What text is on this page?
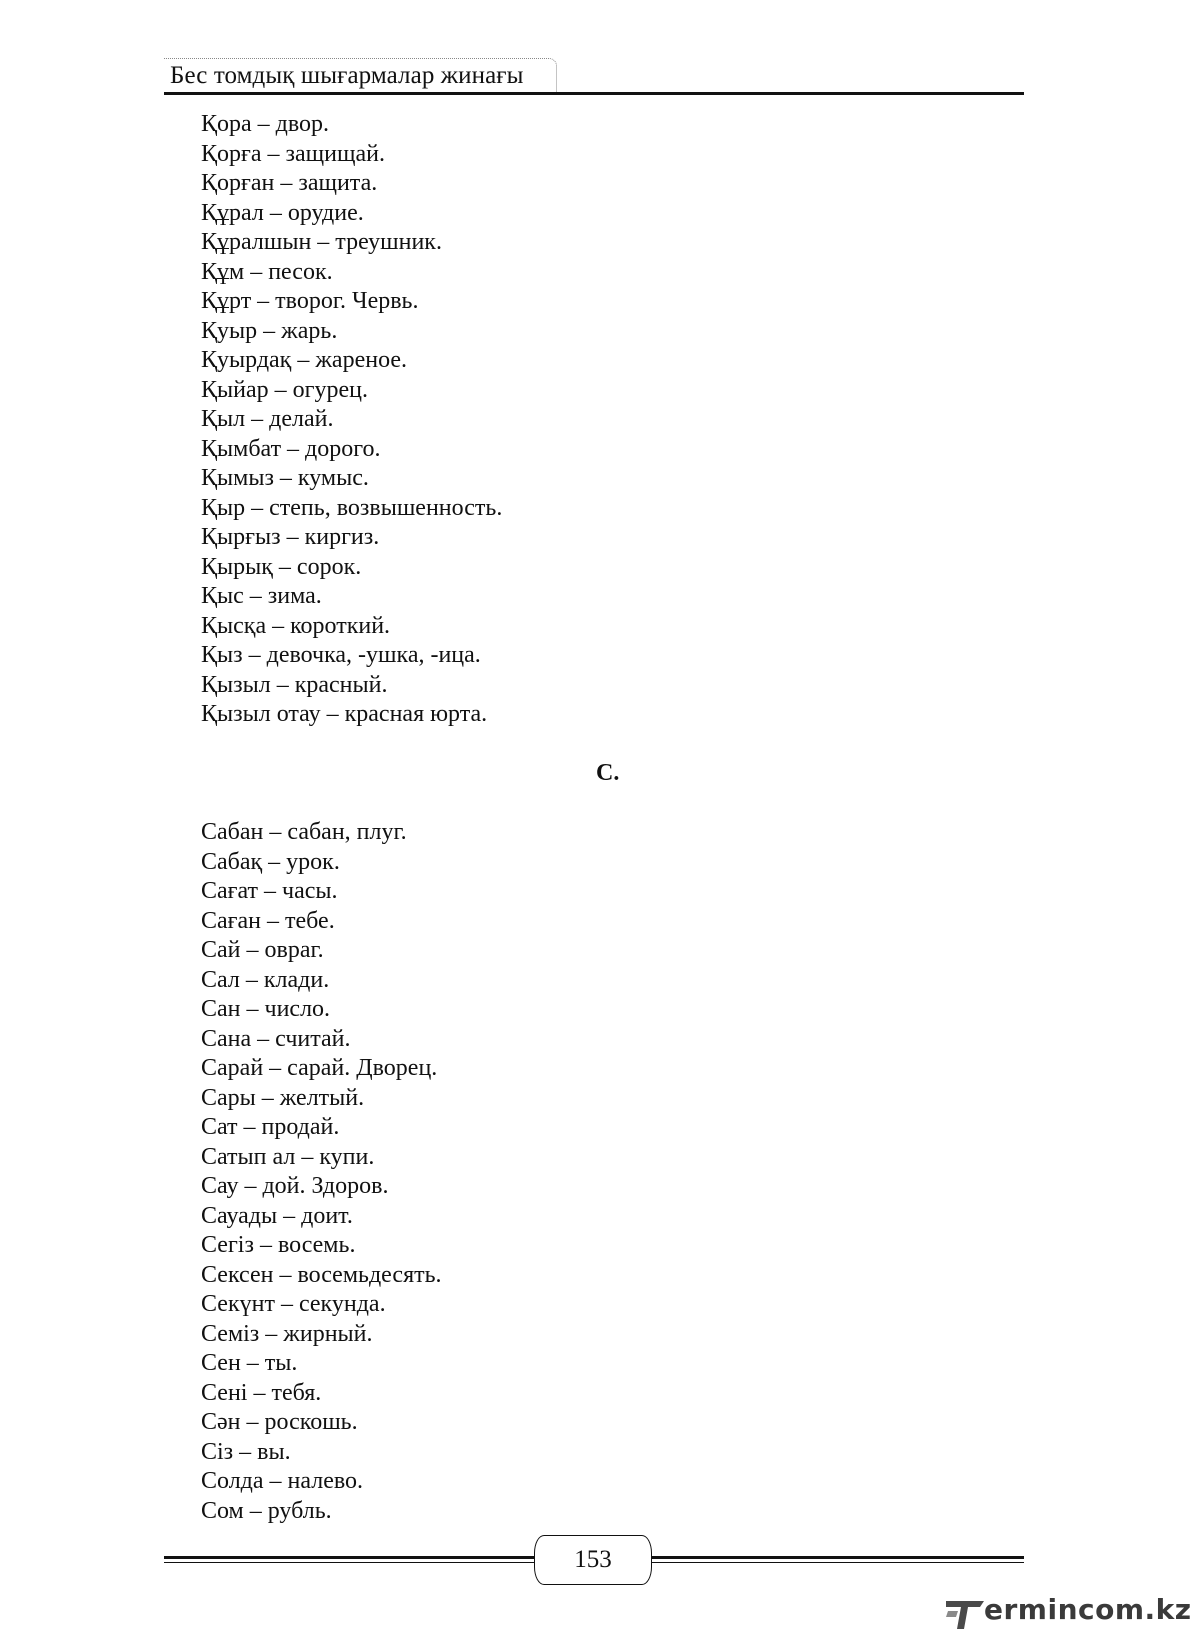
Бес томдық шығармалар жинағы
Қора – двор.
Қорға – защищай.
Қорған – защита.
Құрал – орудие.
Құралшын – треушник.
Құм – песок.
Құрт – творог. Червь.
Қуыр – жарь.
Қуырдақ – жареное.
Қыйар – огурец.
Қыл – делай.
Қымбат – дорого.
Қымыз – кумыс.
Қыр – степь, возвышенность.
Қырғыз – киргиз.
Қырық – сорок.
Қыс – зима.
Қысқа – короткий.
Қыз – девочка, -ушка, -ица.
Қызыл – красный.
Қызыл отау – красная юрта.
С.
Сабан – сабан, плуг.
Сабақ – урок.
Сағат – часы.
Саған – тебе.
Сай – овраг.
Сал – клади.
Сан – число.
Сана – считай.
Сарай – сарай. Дворец.
Сары – желтый.
Сат – продай.
Сатып ал – купи.
Сау – дой. Здоров.
Сауады – доит.
Сегіз – восемь.
Сексен – восемьдесять.
Секүнт – секунда.
Семіз – жирный.
Сен – ты.
Сені – тебя.
Сән – роскошь.
Сіз – вы.
Солда – налево.
Сом – рубль.
153
ermincom.kz
